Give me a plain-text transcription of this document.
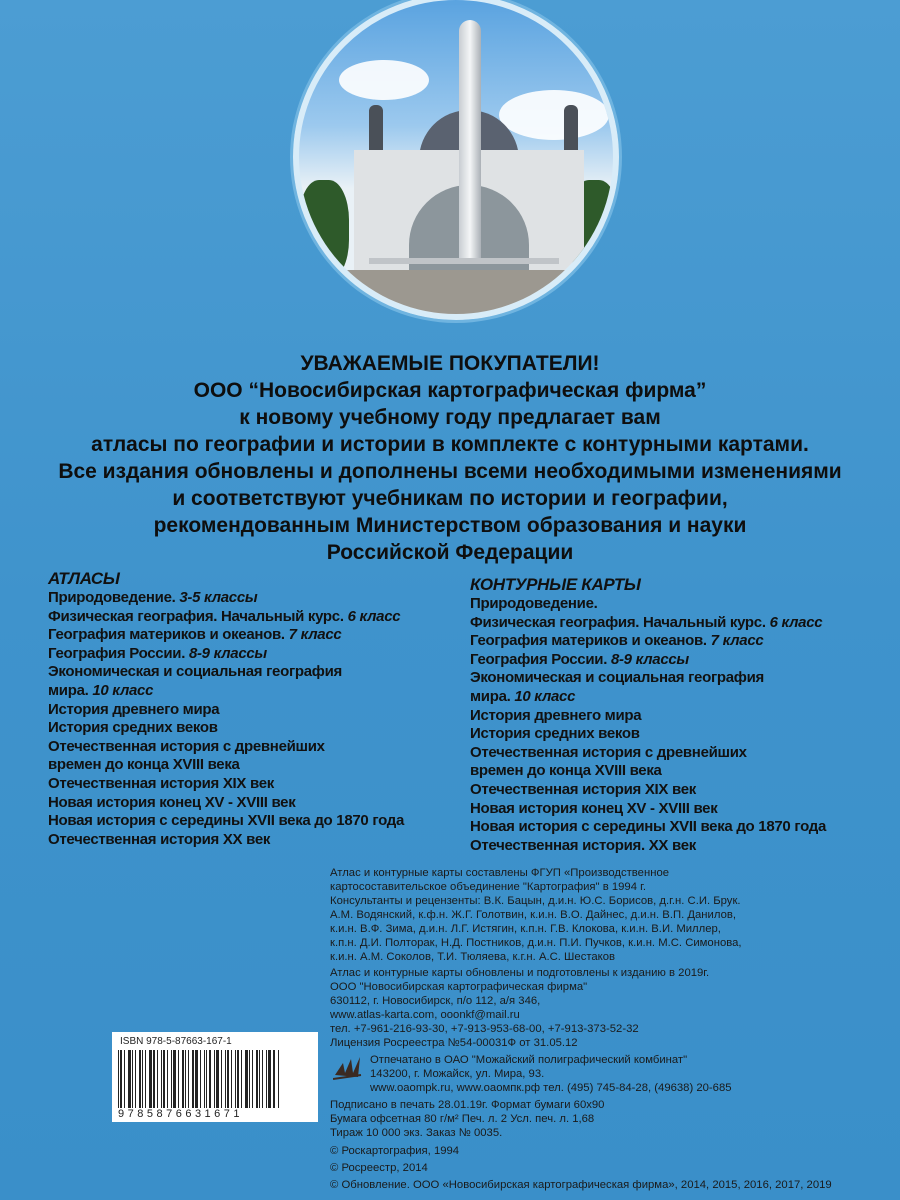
УВАЖАЕМЫЕ ПОКУПАТЕЛИ!
ООО “Новосибирская картографическая фирма”
к новому учебному году предлагает вам
атласы по географии и истории в комплекте с контурными картами.
Все издания обновлены и дополнены всеми необходимыми изменениями
и соответствуют учебникам по истории и географии,
рекомендованным Министерством образования и науки
Российской Федерации
АТЛАСЫ
Природоведение. 3-5 классы
Физическая география. Начальный курс. 6 класс
География материков и океанов. 7 класс
География России. 8-9 классы
Экономическая и социальная география
мира. 10 класс
История древнего мира
История средних веков
Отечественная история с древнейших
времен до конца XVIII века
Отечественная история XIX век
Новая история конец XV - XVIII век
Новая история с середины XVII века до 1870 года
Отечественная история XX век
КОНТУРНЫЕ КАРТЫ
Природоведение.
Физическая география. Начальный курс. 6 класс
География материков и океанов. 7 класс
География России. 8-9 классы
Экономическая и социальная география
мира. 10 класс
История древнего мира
История средних веков
Отечественная история с древнейших
времен до конца XVIII века
Отечественная история XIX век
Новая история конец XV - XVIII век
Новая история с середины XVII века до 1870 года
Отечественная история. XX век
Атлас и контурные карты составлены ФГУП «Производственное
картосоставительское объединение "Картография" в 1994 г.
Консультанты и рецензенты: В.К. Бацын, д.и.н. Ю.С. Борисов, д.г.н. С.И. Брук.
А.М. Водянский, к.ф.н. Ж.Г. Голотвин, к.и.н. В.О. Дайнес, д.и.н. В.П. Данилов,
к.и.н. В.Ф. Зима, д.и.н. Л.Г. Истягин, к.п.н. Г.В. Клокова, к.и.н. В.И. Миллер,
к.п.н. Д.И. Полторак, Н.Д. Постников, д.и.н. П.И. Пучков, к.и.н. М.С. Симонова,
к.и.н. А.М. Соколов, Т.И. Тюляева, к.г.н. А.С. Шестаков
Атлас и контурные карты обновлены и подготовлены к изданию в 2019г.
ООО "Новосибирская картографическая фирма"
630112, г. Новосибирск, п/о 112, а/я 346,
www.atlas-karta.com, ooonkf@mail.ru
тел. +7-961-216-93-30, +7-913-953-68-00, +7-913-373-52-32
Лицензия Росреестра №54-00031Ф от 31.05.12
Отпечатано в ОАО "Можайский полиграфический комбинат"
143200, г. Можайск, ул. Мира, 93.
www.oaompk.ru, www.оаомпк.рф тел. (495) 745-84-28, (49638) 20-685
Подписано в печать 28.01.19г. Формат бумаги 60х90
Бумага офсетная 80 г/м² Печ. л. 2 Усл. печ. л. 1,68
Тираж 10 000 экз. Заказ № 0035.
© Роскартография, 1994
© Росреестр, 2014
© Обновление. ООО «Новосибирская картографическая фирма», 2014, 2015, 2016, 2017, 2019
ISBN 978-5-87663-167-1
9785876631671
